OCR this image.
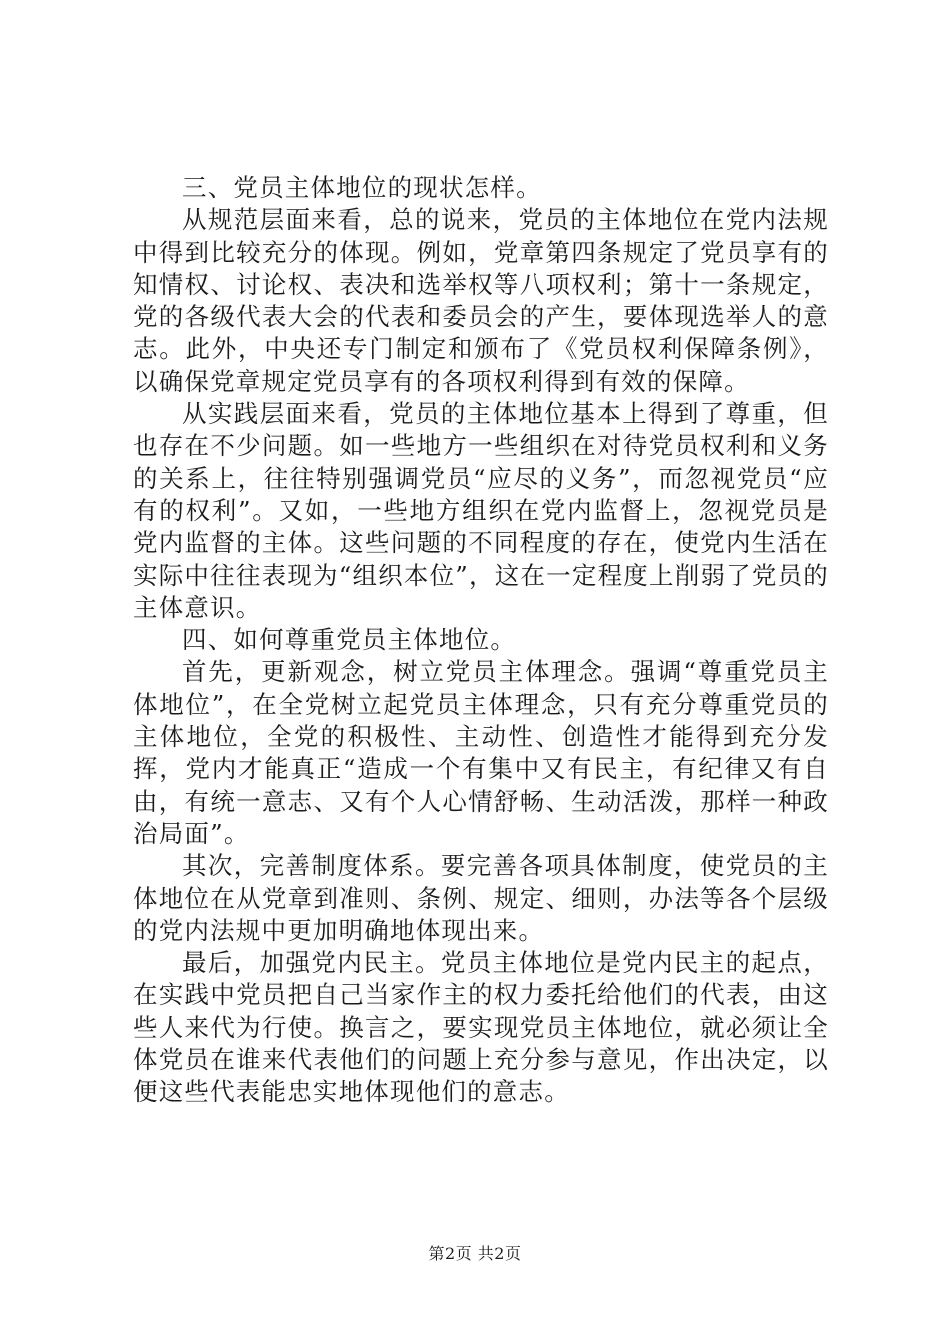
三、党员主体地位的现状怎样。

从规范层面来看，总的说来，党员的主体地位在党内法规中得到比较充分的体现。例如，党章第四条规定了党员享有的知情权、讨论权、表决和选举权等八项权利；第十一条规定，党的各级代表大会的代表和委员会的产生，要体现选举人的意志。此外，中央还专门制定和颁布了《党员权利保障条例》，以确保党章规定党员享有的各项权利得到有效的保障。

从实践层面来看，党员的主体地位基本上得到了尊重，但也存在不少问题。如一些地方一些组织在对待党员权利和义务的关系上，往往特别强调党员“应尽的义务”，而忽视党员“应有的权利”。又如，一些地方组织在党内监督上，忽视党员是党内监督的主体。这些问题的不同程度的存在，使党内生活在实际中往往表现为“组织本位”，这在一定程度上削弱了党员的主体意识。

四、如何尊重党员主体地位。

首先，更新观念，树立党员主体理念。强调“尊重党员主体地位”，在全党树立起党员主体理念，只有充分尊重党员的主体地位，全党的积极性、主动性、创造性才能得到充分发挥，党内才能真正“造成一个有集中又有民主，有纪律又有自由，有统一意志、又有个人心情舒畅、生动活泼，那样一种政治局面”。

其次，完善制度体系。要完善各项具体制度，使党员的主体地位在从党章到准则、条例、规定、细则，办法等各个层级的党内法规中更加明确地体现出来。

最后，加强党内民主。党员主体地位是党内民主的起点，在实践中党员把自己当家作主的权力委托给他们的代表，由这些人来代为行使。换言之，要实现党员主体地位，就必须让全体党员在谁来代表他们的问题上充分参与意见，作出决定，以便这些代表能忠实地体现他们的意志。

第2页 共2页
